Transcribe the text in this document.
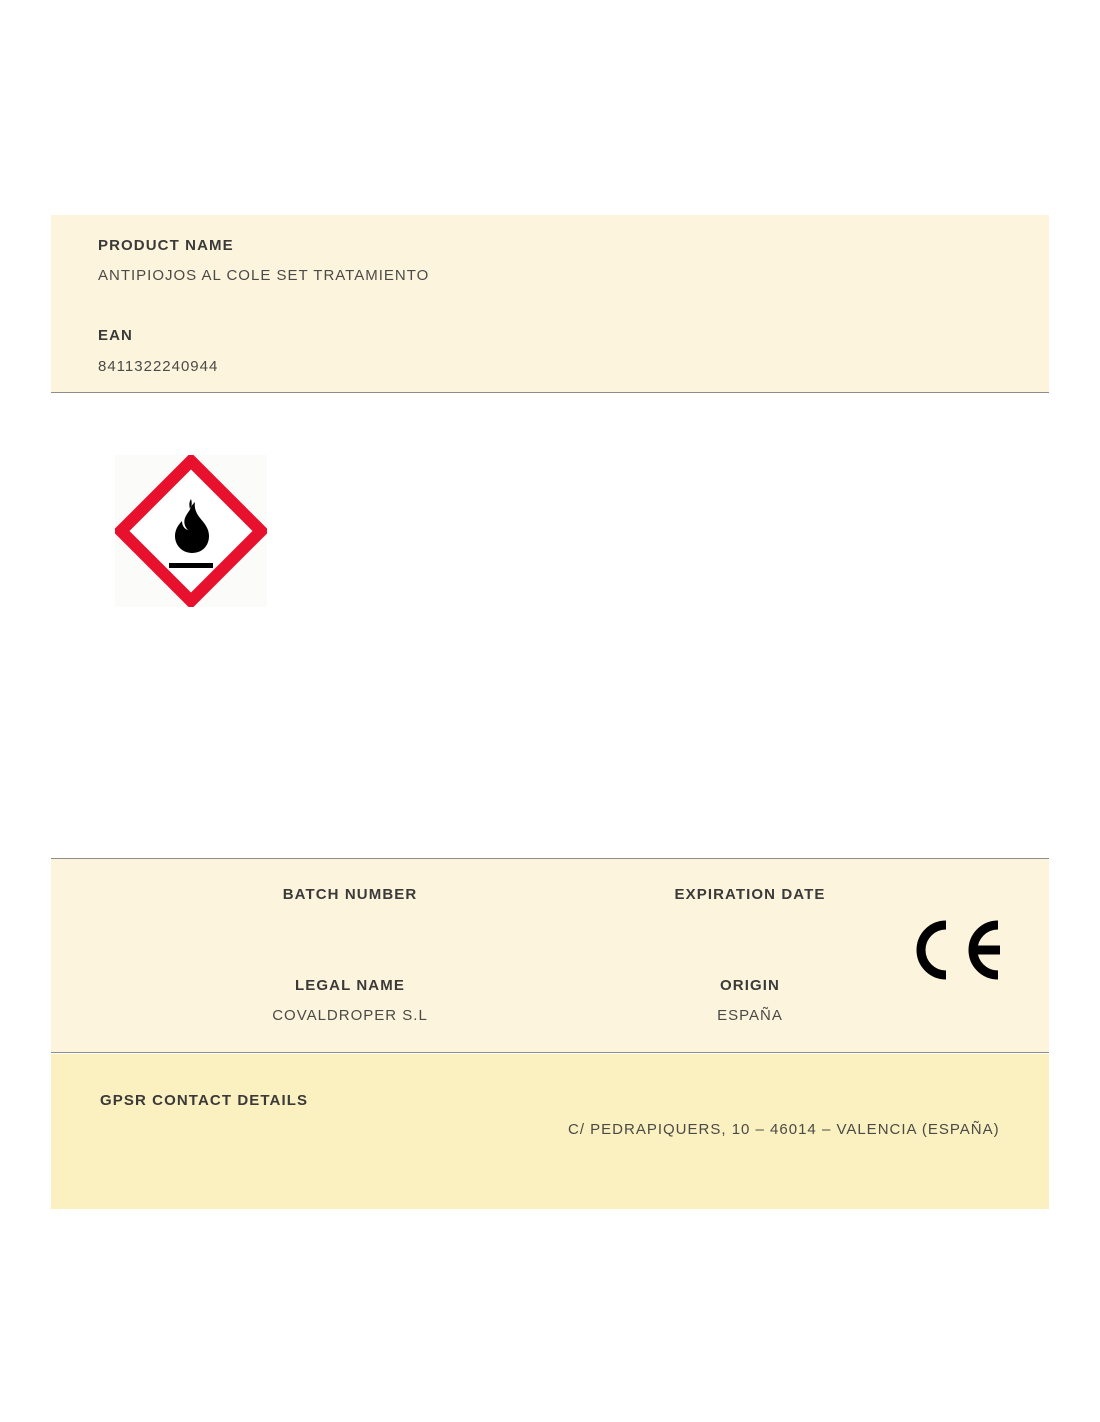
PRODUCT NAME
ANTIPIOJOS AL COLE SET TRATAMIENTO
EAN
8411322240944
BATCH NUMBER	EXPIRATION DATE
LEGAL NAME
COVALDROPER S.L
ORIGIN
ESPAÑA
GPSR CONTACT DETAILS
C/ PEDRAPIQUERS, 10 – 46014 – VALENCIA (ESPAÑA)
